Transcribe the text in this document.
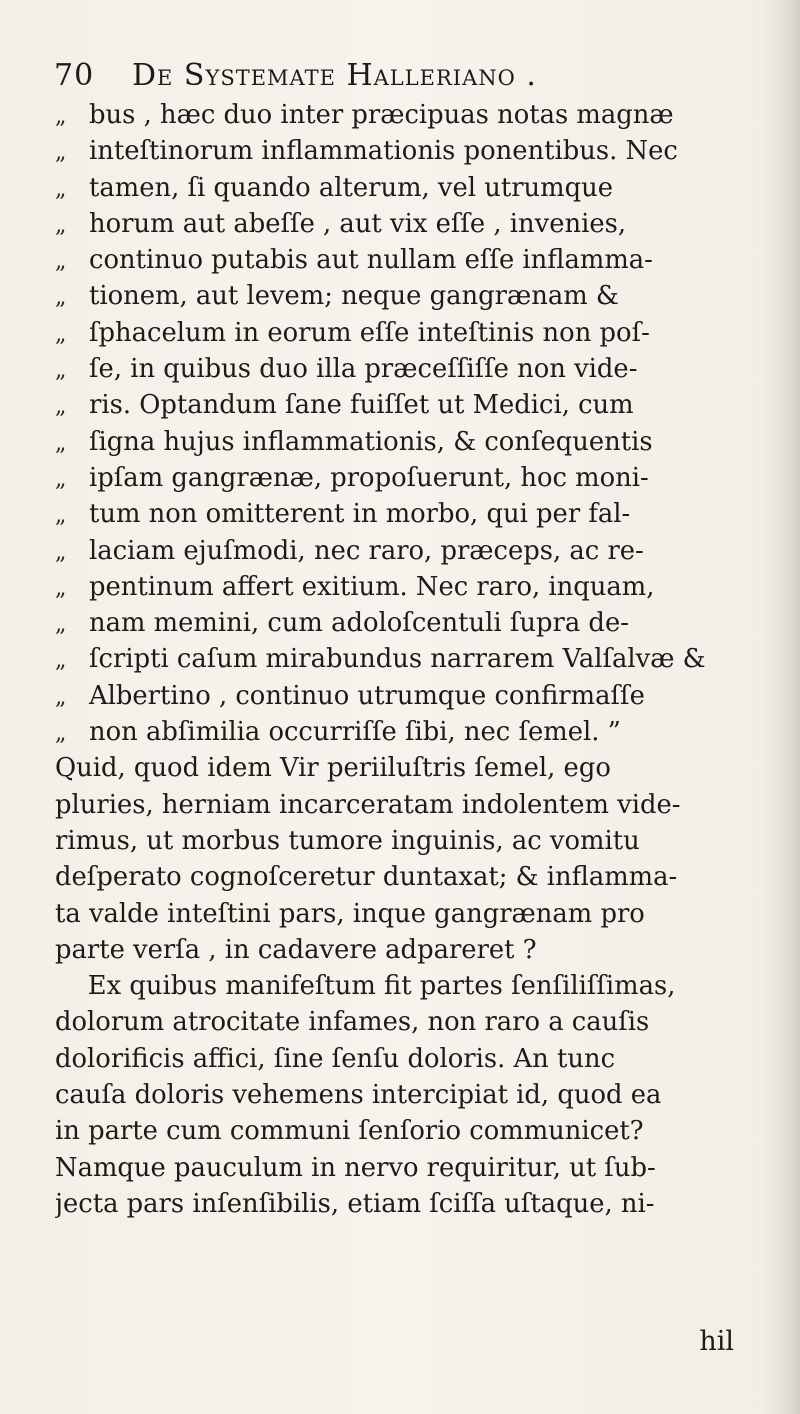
70 De Systemate Halleriano .
„ bus , hæc duo inter præcipuas notas magnæ
„ inteſtinorum inflammationis ponentibus. Nec
„ tamen, ſi quando alterum, vel utrumque
„ horum aut abeſſe , aut vix eſſe , invenies,
„ continuo putabis aut nullam eſſe inflamma-
„ tionem, aut levem; neque gangrænam &
„ ſphacelum in eorum eſſe inteſtinis non poſ-
„ ſe, in quibus duo illa præceſſiſſe non vide-
„ ris. Optandum ſane fuiſſet ut Medici, cum
„ ſigna hujus inflammationis, & conſequentis
„ ipſam gangrænæ, propoſuerunt, hoc moni-
„ tum non omitterent in morbo, qui per fal-
„ laciam ejuſmodi, nec raro, præceps, ac re-
„ pentinum affert exitium. Nec raro, inquam,
„ nam memini, cum adoloſcentuli ſupra de-
„ ſcripti caſum mirabundus narrarem Valſalvæ &
„ Albertino , continuo utrumque confirmaſſe
„ non abſimilia occurriſſe ſibi, nec ſemel. ”
Quid, quod idem Vir periiluſtris ſemel, ego
pluries, herniam incarceratam indolentem vide-
rimus, ut morbus tumore inguinis, ac vomitu
deſperato cognoſceretur duntaxat; & inflamma-
ta valde inteſtini pars, inque gangrænam pro
parte verſa , in cadavere adpareret ?
Ex quibus manifeſtum fit partes ſenſiliſſimas,
dolorum atrocitate infames, non raro a cauſis
dolorificis affici, ſine ſenſu doloris. An tunc
cauſa doloris vehemens intercipiat id, quod ea
in parte cum communi ſenſorio communicet?
Namque pauculum in nervo requiritur, ut ſub-
jecta pars inſenſibilis, etiam ſciſſa uſtaque, ni-
hil
